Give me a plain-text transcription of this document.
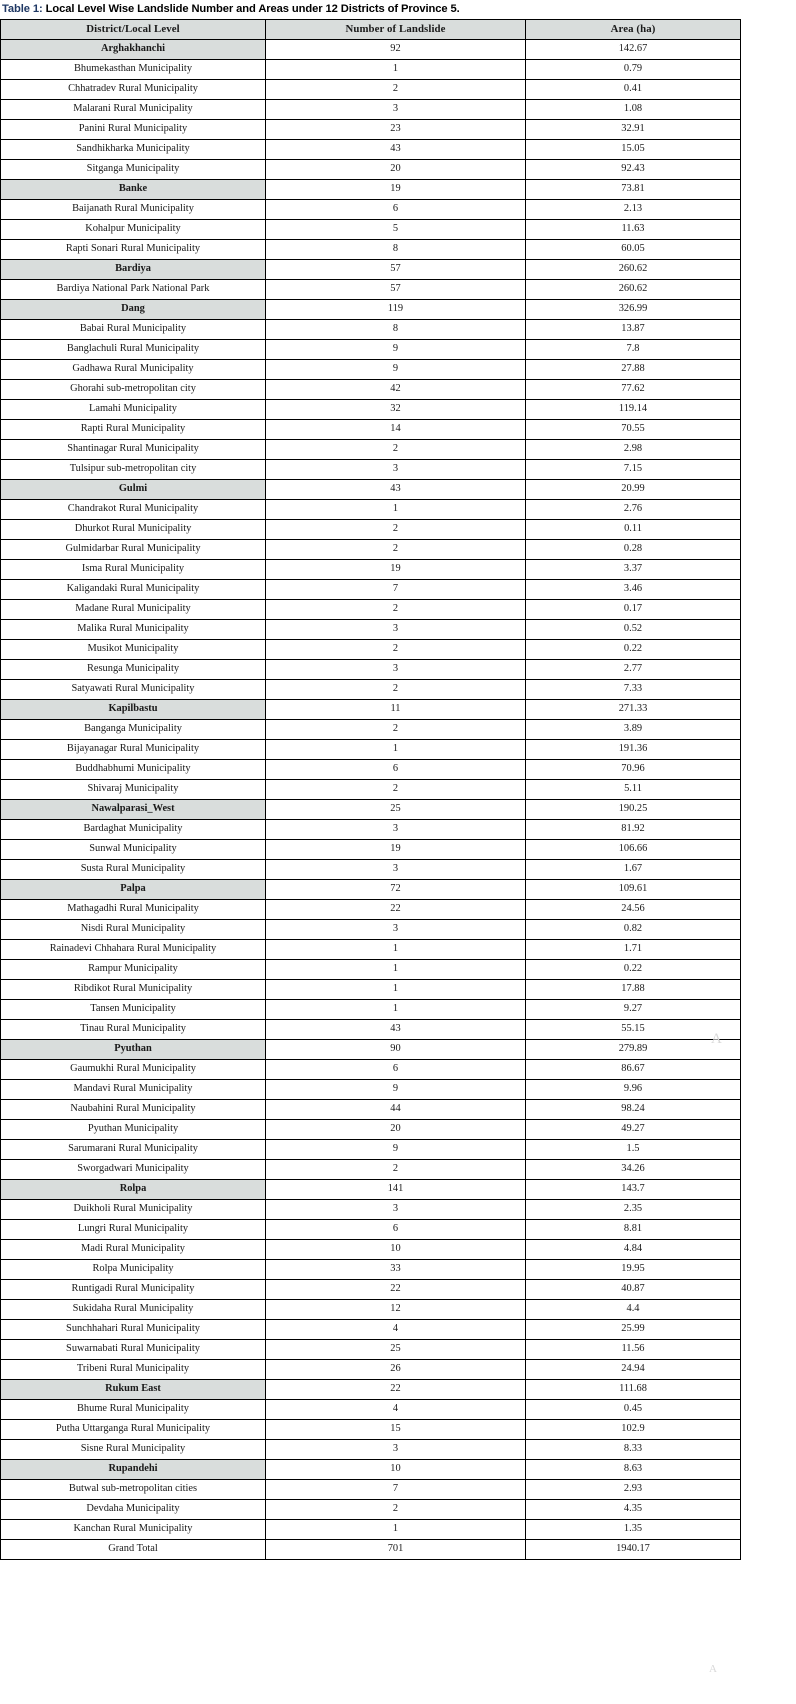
Table 1: Local Level Wise Landslide Number and Areas under 12 Districts of Province 5.
District/Local Level	Number of Landslide	Area (ha)
Arghakhanchi	92	142.67
Bhumekasthan Municipality	1	0.79
Chhatradev Rural Municipality	2	0.41
Malarani Rural Municipality	3	1.08
Panini Rural Municipality	23	32.91
Sandhikharka Municipality	43	15.05
Sitganga Municipality	20	92.43
Banke	19	73.81
Baijanath Rural Municipality	6	2.13
Kohalpur Municipality	5	11.63
Rapti Sonari Rural Municipality	8	60.05
Bardiya	57	260.62
Bardiya National Park National Park	57	260.62
Dang	119	326.99
Babai Rural Municipality	8	13.87
Banglachuli Rural Municipality	9	7.8
Gadhawa Rural Municipality	9	27.88
Ghorahi sub-metropolitan city	42	77.62
Lamahi Municipality	32	119.14
Rapti Rural Municipality	14	70.55
Shantinagar Rural Municipality	2	2.98
Tulsipur sub-metropolitan city	3	7.15
Gulmi	43	20.99
Chandrakot Rural Municipality	1	2.76
Dhurkot Rural Municipality	2	0.11
Gulmidarbar Rural Municipality	2	0.28
Isma Rural Municipality	19	3.37
Kaligandaki Rural Municipality	7	3.46
Madane Rural Municipality	2	0.17
Malika Rural Municipality	3	0.52
Musikot Municipality	2	0.22
Resunga Municipality	3	2.77
Satyawati Rural Municipality	2	7.33
Kapilbastu	11	271.33
Banganga Municipality	2	3.89
Bijayanagar Rural Municipality	1	191.36
Buddhabhumi Municipality	6	70.96
Shivaraj Municipality	2	5.11
Nawalparasi_West	25	190.25
Bardaghat Municipality	3	81.92
Sunwal Municipality	19	106.66
Susta Rural Municipality	3	1.67
Palpa	72	109.61
Mathagadhi Rural Municipality	22	24.56
Nisdi Rural Municipality	3	0.82
Rainadevi Chhahara Rural Municipality	1	1.71
Rampur Municipality	1	0.22
Ribdikot Rural Municipality	1	17.88
Tansen Municipality	1	9.27
Tinau Rural Municipality	43	55.15
Pyuthan	90	279.89
Gaumukhi Rural Municipality	6	86.67
Mandavi Rural Municipality	9	9.96
Naubahini Rural Municipality	44	98.24
Pyuthan Municipality	20	49.27
Sarumarani Rural Municipality	9	1.5
Sworgadwari Municipality	2	34.26
Rolpa	141	143.7
Duikholi Rural Municipality	3	2.35
Lungri Rural Municipality	6	8.81
Madi Rural Municipality	10	4.84
Rolpa Municipality	33	19.95
Runtigadi Rural Municipality	22	40.87
Sukidaha Rural Municipality	12	4.4
Sunchhahari Rural Municipality	4	25.99
Suwarnabati Rural Municipality	25	11.56
Tribeni Rural Municipality	26	24.94
Rukum East	22	111.68
Bhume Rural Municipality	4	0.45
Putha Uttarganga Rural Municipality	15	102.9
Sisne Rural Municipality	3	8.33
Rupandehi	10	8.63
Butwal sub-metropolitan cities	7	2.93
Devdaha Municipality	2	4.35
Kanchan Rural Municipality	1	1.35
Grand Total	701	1940.17
A
A
